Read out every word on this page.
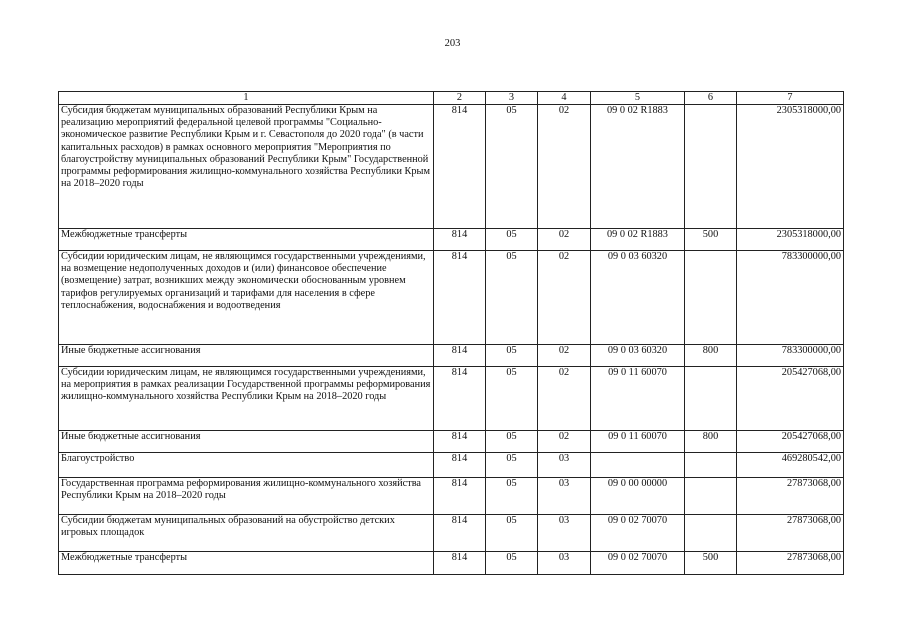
203
1	2	3	4	5	6	7
Субсидия бюджетам муниципальных образований Республики Крым на реализацию мероприятий федеральной целевой программы "Социально-экономическое развитие Республики Крым и г. Севастополя до 2020 года" (в части капитальных расходов) в рамках основного мероприятия "Мероприятия по благоустройству муниципальных образований Республики Крым" Государственной программы реформирования жилищно-коммунального хозяйства Республики Крым на 2018–2020 годы	814	05	02	09 0 02 R1883		2305318000,00
Межбюджетные трансферты	814	05	02	09 0 02 R1883	500	2305318000,00
Субсидии юридическим лицам, не являющимся государственными учреждениями, на возмещение недополученных доходов и (или) финансовое обеспечение (возмещение) затрат, возникших между экономически обоснованным уровнем тарифов регулируемых организаций и тарифами для населения в сфере теплоснабжения, водоснабжения и водоотведения	814	05	02	09 0 03 60320		783300000,00
Иные бюджетные ассигнования	814	05	02	09 0 03 60320	800	783300000,00
Субсидии юридическим лицам, не являющимся государственными учреждениями, на мероприятия в рамках реализации Государственной программы реформирования жилищно-коммунального хозяйства Республики Крым на 2018–2020 годы	814	05	02	09 0 11 60070		205427068,00
Иные бюджетные ассигнования	814	05	02	09 0 11 60070	800	205427068,00
Благоустройство	814	05	03			469280542,00
Государственная программа реформирования жилищно-коммунального хозяйства Республики Крым на 2018–2020 годы	814	05	03	09 0 00 00000		27873068,00
Субсидии бюджетам муниципальных образований на обустройство детских игровых площадок	814	05	03	09 0 02 70070		27873068,00
Межбюджетные трансферты	814	05	03	09 0 02 70070	500	27873068,00
